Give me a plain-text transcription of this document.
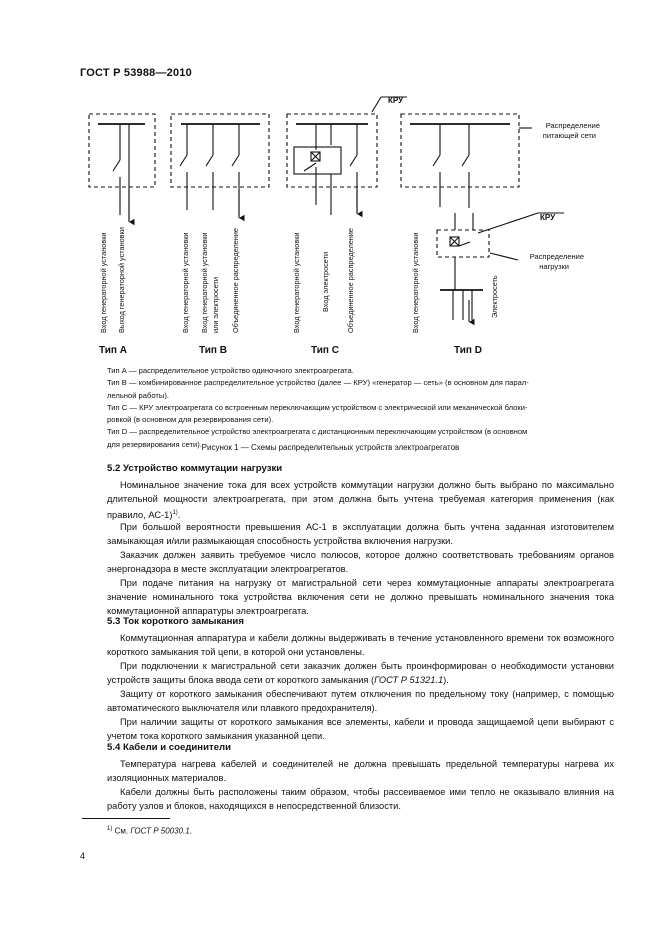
ГОСТ Р 53988—2010
Вход генераторной установки Выход генераторной установки	Вход генераторной установки Вход генераторной установки или электросети Объединенное распределение	Вход генераторной установки	Вход электросети Объединенное распределение	Вход генераторной установки	Электросеть
КРУ
КРУ
Распределение
питающей сети
Распределение
нагрузки
Тип А	Тип В	Тип С	Тип D
Тип А — распределительное устройство одиночного электроагрегата.
Тип В — комбинированное распределительное устройство (далее — КРУ) «генератор — сеть» (в основном для парал-
лельной работы).
Тип С — КРУ электроагрегата со встроенным переключающим устройством с электрической или механической блоки-
ровкой (в основном для резервирования сети).
Тип D — распределительное устройство электроагрегата с дистанционным переключающим устройством (в основном
для резервирования сети). Рисунок 1 — Схемы распределительных устройств электроагрегатов
5.2 Устройство коммутации нагрузки
Номинальное значение тока для всех устройств коммутации нагрузки должно быть выбрано по максимально длительной мощности электроагрегата, при этом должна быть учтена требуемая категория применения (как правило, АС-1)$^{1)}$.
При большой вероятности превышения АС-1 в эксплуатации должна быть учтена заданная изготовителем замыкающая и/или размыкающая способность устройства включения нагрузки.
Заказчик должен заявить требуемое число полюсов, которое должно соответствовать требованиям органов энергонадзора в месте эксплуатации электроагрегатов.
При подаче питания на нагрузку от магистральной сети через коммутационные аппараты электроагрегата значение номинального тока устройства включения сети не должно превышать номинального значения тока коммутационной аппаратуры электроагрегата.
5.3 Ток короткого замыкания
Коммутационная аппаратура и кабели должны выдерживать в течение установленного времени ток возможного короткого замыкания той цепи, в которой они установлены.
При подключении к магистральной сети заказчик должен быть проинформирован о необходимости установки устройств защиты блока ввода сети от короткого замыкания (ГОСТ Р 51321.1).
Защиту от короткого замыкания обеспечивают путем отключения по предельному току (например, с помощью автоматического выключателя или плавкого предохранителя).
При наличии защиты от короткого замыкания все элементы, кабели и провода защищаемой цепи выбирают с учетом тока короткого замыкания указанной цепи.
5.4 Кабели и соединители
Температура нагрева кабелей и соединителей не должна превышать предельной температуры нагрева их изоляционных материалов.
Кабели должны быть расположены таким образом, чтобы рассеиваемое ими тепло не оказывало влияния на работу узлов и блоков, находящихся в непосредственной близости.
$^{1)}$ См. ГОСТ Р 50030.1.
4
